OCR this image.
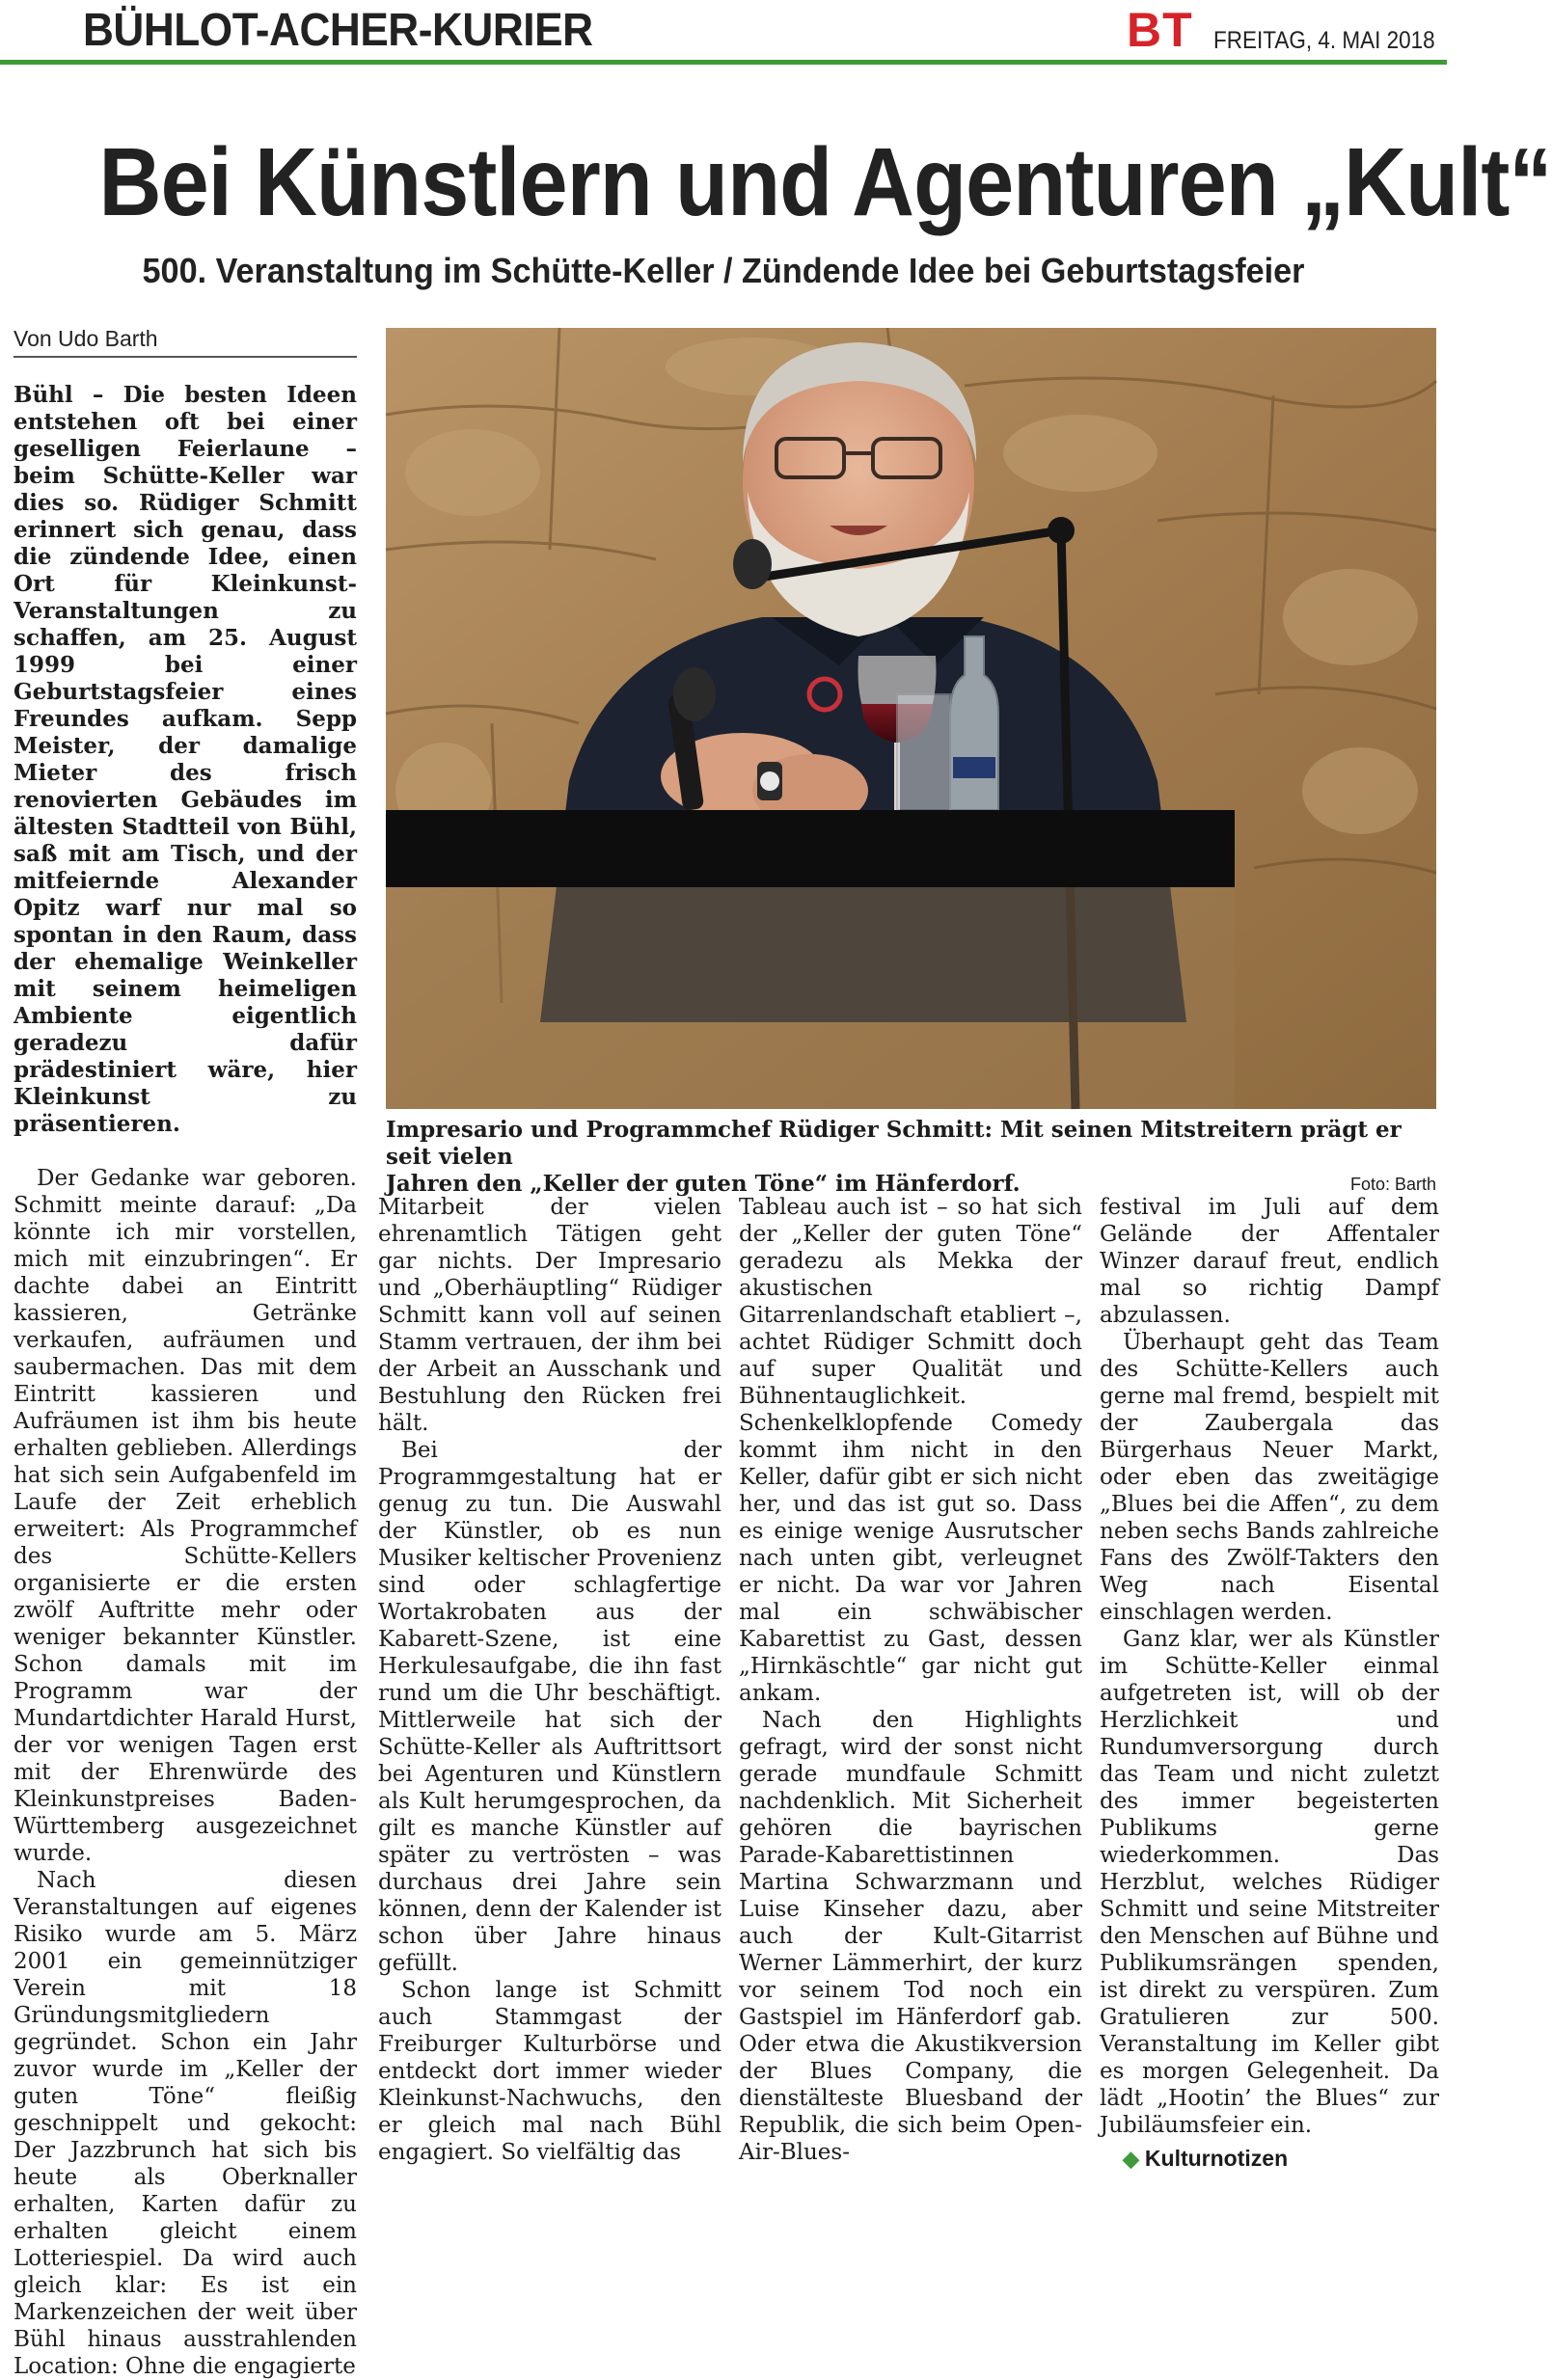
BÜHLOT-ACHER-KURIER	BT FREITAG, 4. MAI 2018
Bei Künstlern und Agenturen „Kult“
500. Veranstaltung im Schütte-Keller / Zündende Idee bei Geburtstagsfeier
Von Udo Barth

Bühl – Die besten Ideen entstehen oft bei einer geselligen Feierlaune – beim Schütte-Keller war dies so. Rüdiger Schmitt erinnert sich genau, dass die zündende Idee, einen Ort für Kleinkunst-Veranstaltungen zu schaffen, am 25. August 1999 bei einer Geburtstagsfeier eines Freundes aufkam. Sepp Meister, der damalige Mieter des frisch renovierten Gebäudes im ältesten Stadtteil von Bühl, saß mit am Tisch, und der mitfeiernde Alexander Opitz warf nur mal so spontan in den Raum, dass der ehemalige Weinkeller mit seinem heimeligen Ambiente eigentlich geradezu dafür prädestiniert wäre, hier Kleinkunst zu präsentieren.

Der Gedanke war geboren. Schmitt meinte darauf: „Da könnte ich mir vorstellen, mich mit einzubringen“. Er dachte dabei an Eintritt kassieren, Getränke verkaufen, aufräumen und saubermachen. Das mit dem Eintritt kassieren und Aufräumen ist ihm bis heute erhalten geblieben. Allerdings hat sich sein Aufgabenfeld im Laufe der Zeit erheblich erweitert: Als Programmchef des Schütte-Kellers organisierte er die ersten zwölf Auftritte mehr oder weniger bekannter Künstler. Schon damals mit im Programm war der Mundartdichter Harald Hurst, der vor wenigen Tagen erst mit der Ehrenwürde des Kleinkunstpreises Baden-Württemberg ausgezeichnet wurde.

Nach diesen Veranstaltungen auf eigenes Risiko wurde am 5. März 2001 ein gemeinnütziger Verein mit 18 Gründungsmitgliedern gegründet. Schon ein Jahr zuvor wurde im „Keller der guten Töne“ fleißig geschnippelt und gekocht: Der Jazzbrunch hat sich bis heute als Oberknaller erhalten, Karten dafür zu erhalten gleicht einem Lotteriespiel. Da wird auch gleich klar: Es ist ein Markenzeichen der weit über Bühl hinaus ausstrahlenden Location: Ohne die engagierte

Impresario und Programmchef Rüdiger Schmitt: Mit seinen Mitstreitern prägt er seit vielen
Jahren den „Keller der guten Töne“ im Hänferdorf.	Foto: Barth

Mitarbeit der vielen ehrenamtlich Tätigen geht gar nichts. Der Impresario und „Oberhäuptling“ Rüdiger Schmitt kann voll auf seinen Stamm vertrauen, der ihm bei der Arbeit an Ausschank und Bestuhlung den Rücken frei hält.

Bei der Programmgestaltung hat er genug zu tun. Die Auswahl der Künstler, ob es nun Musiker keltischer Provenienz sind oder schlagfertige Wortakrobaten aus der Kabarett-Szene, ist eine Herkulesaufgabe, die ihn fast rund um die Uhr beschäftigt. Mittlerweile hat sich der Schütte-Keller als Auftrittsort bei Agenturen und Künstlern als Kult herumgesprochen, da gilt es manche Künstler auf später zu vertrösten – was durchaus drei Jahre sein können, denn der Kalender ist schon über Jahre hinaus gefüllt.

Schon lange ist Schmitt auch Stammgast der Freiburger Kulturbörse und entdeckt dort immer wieder Kleinkunst-Nachwuchs, den er gleich mal nach Bühl engagiert. So vielfältig das

Tableau auch ist – so hat sich der „Keller der guten Töne“ geradezu als Mekka der akustischen Gitarrenlandschaft etabliert –, achtet Rüdiger Schmitt doch auf super Qualität und Bühnentauglichkeit. Schenkelklopfende Comedy kommt ihm nicht in den Keller, dafür gibt er sich nicht her, und das ist gut so. Dass es einige wenige Ausrutscher nach unten gibt, verleugnet er nicht. Da war vor Jahren mal ein schwäbischer Kabarettist zu Gast, dessen „Hirnkäschtle“ gar nicht gut ankam.

Nach den Highlights gefragt, wird der sonst nicht gerade mundfaule Schmitt nachdenklich. Mit Sicherheit gehören die bayrischen Parade-Kabarettistinnen Martina Schwarzmann und Luise Kinseher dazu, aber auch der Kult-Gitarrist Werner Lämmerhirt, der kurz vor seinem Tod noch ein Gastspiel im Hänferdorf gab. Oder etwa die Akustikversion der Blues Company, die dienstälteste Bluesband der Republik, die sich beim Open-Air-Blues-

festival im Juli auf dem Gelände der Affentaler Winzer darauf freut, endlich mal so richtig Dampf abzulassen.

Überhaupt geht das Team des Schütte-Kellers auch gerne mal fremd, bespielt mit der Zaubergala das Bürgerhaus Neuer Markt, oder eben das zweitägige „Blues bei die Affen“, zu dem neben sechs Bands zahlreiche Fans des Zwölf-Takters den Weg nach Eisental einschlagen werden.

Ganz klar, wer als Künstler im Schütte-Keller einmal aufgetreten ist, will ob der Herzlichkeit und Rundumversorgung durch das Team und nicht zuletzt des immer begeisterten Publikums gerne wiederkommen. Das Herzblut, welches Rüdiger Schmitt und seine Mitstreiter den Menschen auf Bühne und Publikumsrängen spenden, ist direkt zu verspüren. Zum Gratulieren zur 500. Veranstaltung im Keller gibt es morgen Gelegenheit. Da lädt „Hootin’ the Blues“ zur Jubiläumsfeier ein.

◆ Kulturnotizen
